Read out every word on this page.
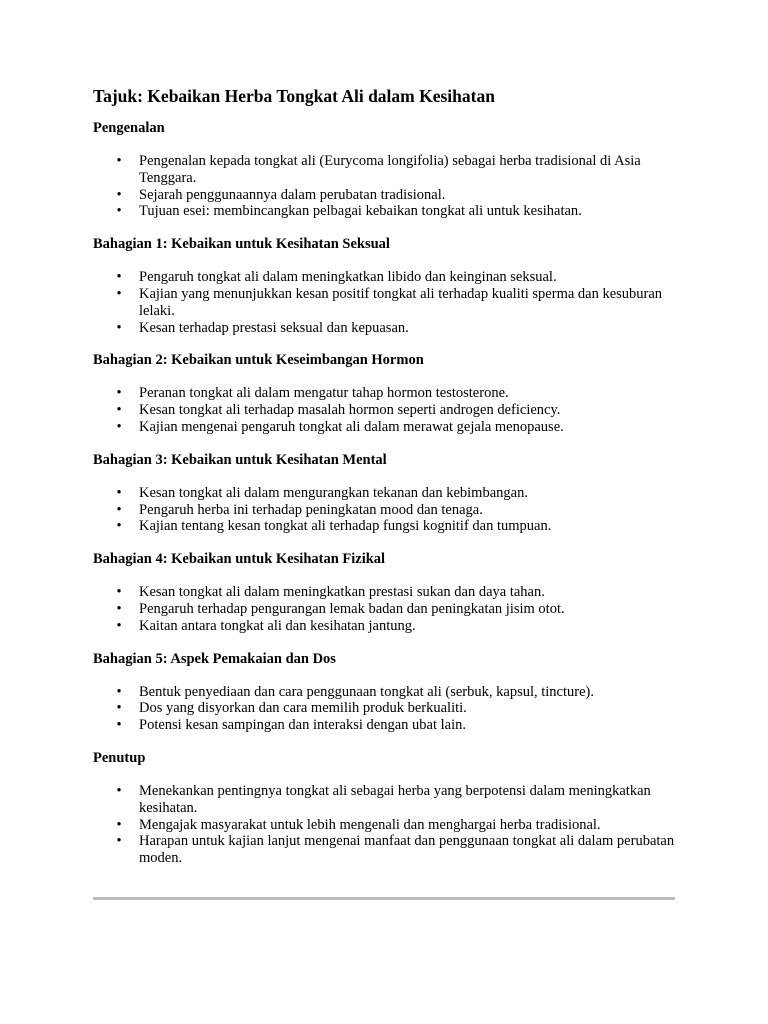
Tajuk: Kebaikan Herba Tongkat Ali dalam Kesihatan
Pengenalan
• Pengenalan kepada tongkat ali (Eurycoma longifolia) sebagai herba tradisional di Asia Tenggara.
• Sejarah penggunaannya dalam perubatan tradisional.
• Tujuan esei: membincangkan pelbagai kebaikan tongkat ali untuk kesihatan.
Bahagian 1: Kebaikan untuk Kesihatan Seksual
• Pengaruh tongkat ali dalam meningkatkan libido dan keinginan seksual.
• Kajian yang menunjukkan kesan positif tongkat ali terhadap kualiti sperma dan kesuburan lelaki.
• Kesan terhadap prestasi seksual dan kepuasan.
Bahagian 2: Kebaikan untuk Keseimbangan Hormon
• Peranan tongkat ali dalam mengatur tahap hormon testosterone.
• Kesan tongkat ali terhadap masalah hormon seperti androgen deficiency.
• Kajian mengenai pengaruh tongkat ali dalam merawat gejala menopause.
Bahagian 3: Kebaikan untuk Kesihatan Mental
• Kesan tongkat ali dalam mengurangkan tekanan dan kebimbangan.
• Pengaruh herba ini terhadap peningkatan mood dan tenaga.
• Kajian tentang kesan tongkat ali terhadap fungsi kognitif dan tumpuan.
Bahagian 4: Kebaikan untuk Kesihatan Fizikal
• Kesan tongkat ali dalam meningkatkan prestasi sukan dan daya tahan.
• Pengaruh terhadap pengurangan lemak badan dan peningkatan jisim otot.
• Kaitan antara tongkat ali dan kesihatan jantung.
Bahagian 5: Aspek Pemakaian dan Dos
• Bentuk penyediaan dan cara penggunaan tongkat ali (serbuk, kapsul, tincture).
• Dos yang disyorkan dan cara memilih produk berkualiti.
• Potensi kesan sampingan dan interaksi dengan ubat lain.
Penutup
• Menekankan pentingnya tongkat ali sebagai herba yang berpotensi dalam meningkatkan kesihatan.
• Mengajak masyarakat untuk lebih mengenali dan menghargai herba tradisional.
• Harapan untuk kajian lanjut mengenai manfaat dan penggunaan tongkat ali dalam perubatan moden.
